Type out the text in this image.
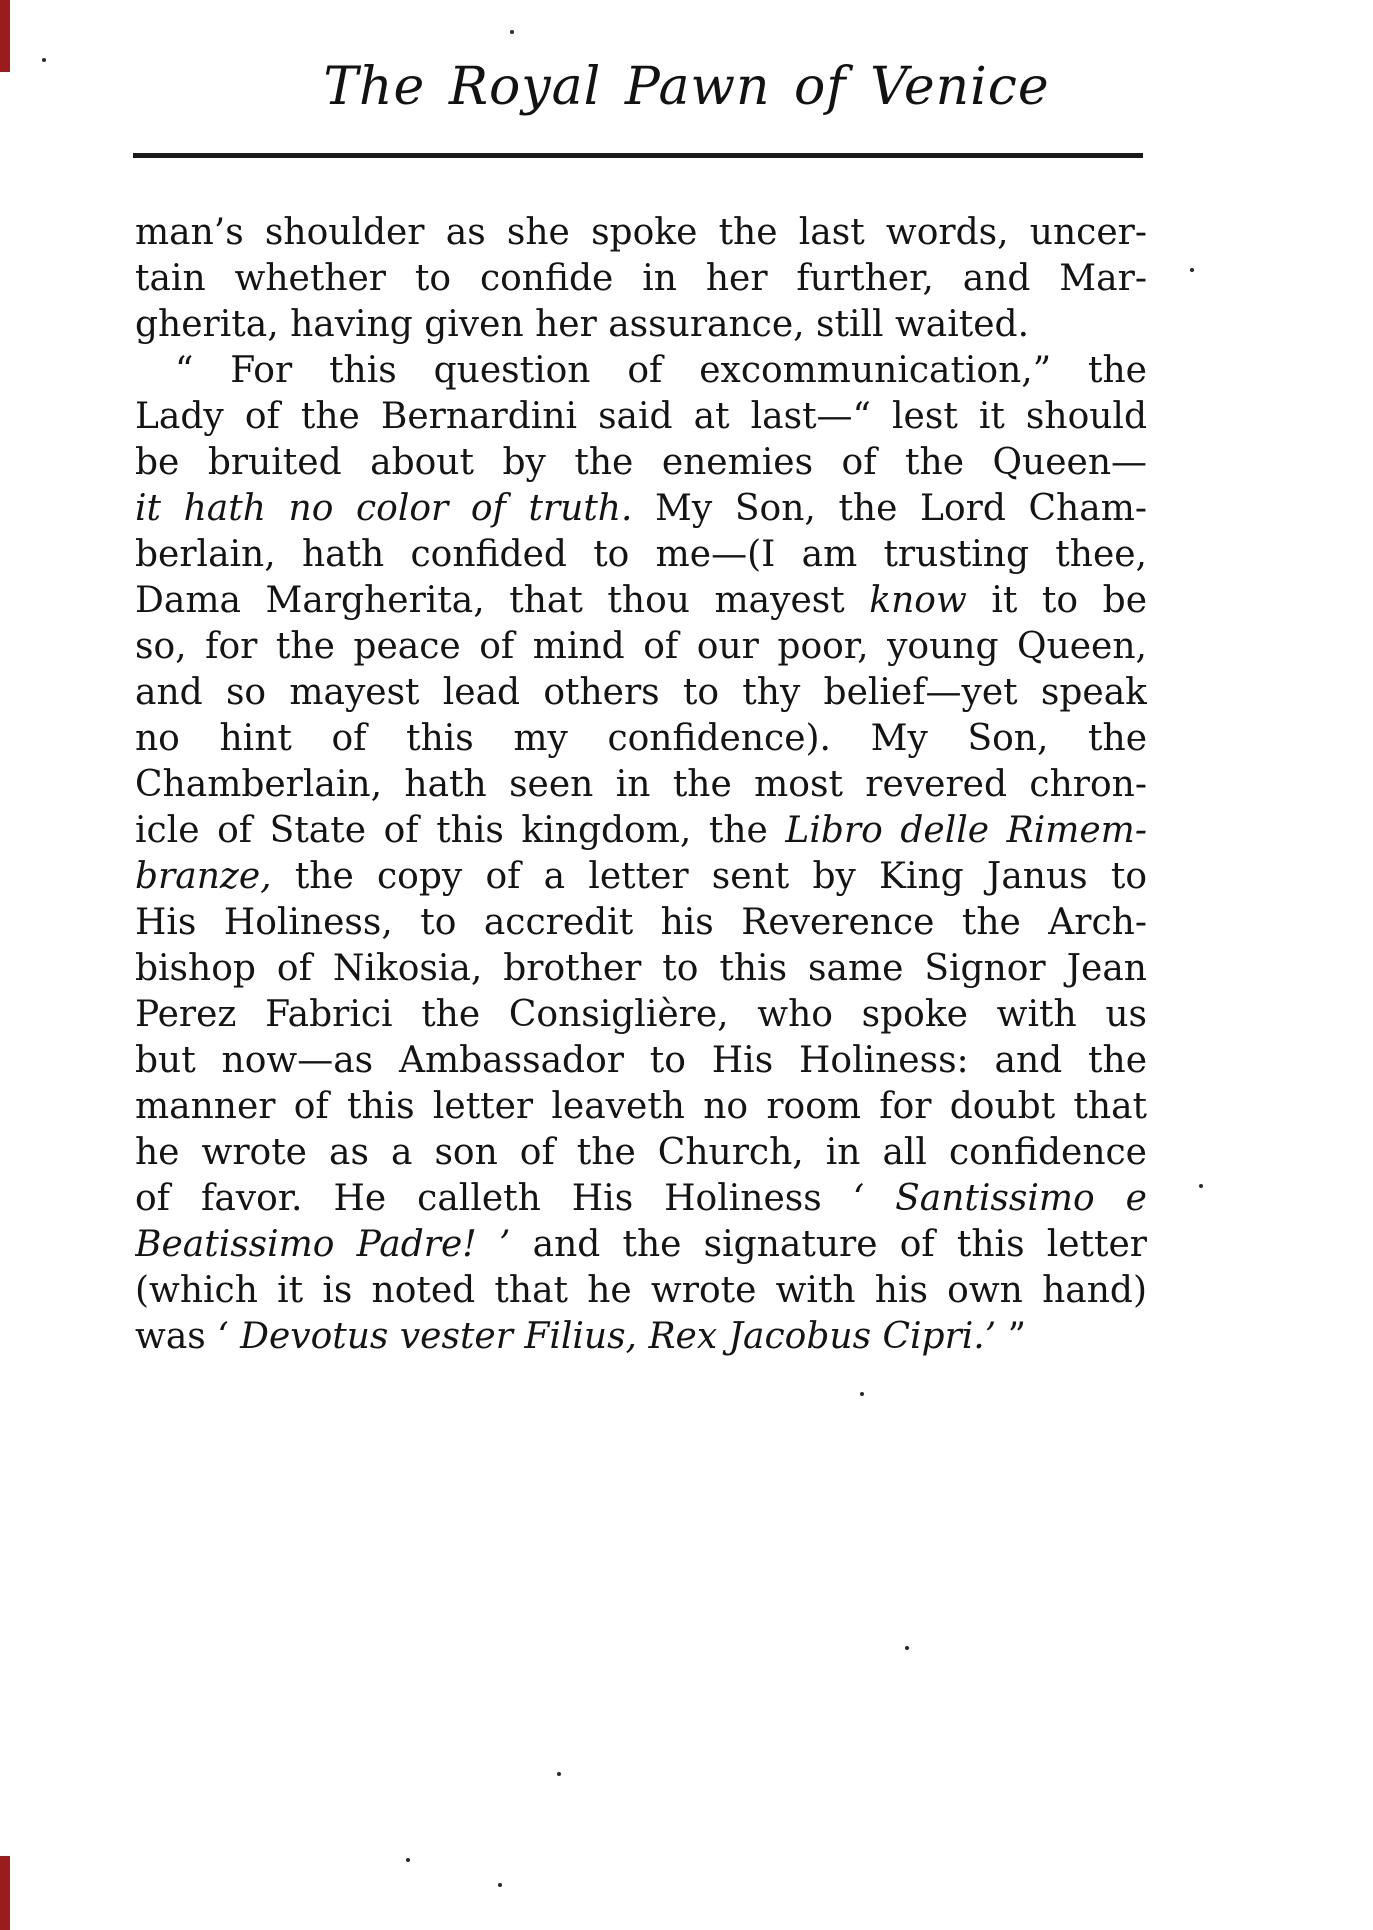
The Royal Pawn of Venice
man’s shoulder as she spoke the last words, uncer-
tain whether to confide in her further, and Mar-
gherita, having given her assurance, still waited.
“ For this question of excommunication,” the
Lady of the Bernardini said at last—“ lest it should
be bruited about by the enemies of the Queen—
it hath no color of truth. My Son, the Lord Cham-
berlain, hath confided to me—(I am trusting thee,
Dama Margherita, that thou mayest know it to be
so, for the peace of mind of our poor, young Queen,
and so mayest lead others to thy belief—yet speak
no hint of this my confidence). My Son, the
Chamberlain, hath seen in the most revered chron-
icle of State of this kingdom, the Libro delle Rimem-
branze, the copy of a letter sent by King Janus to
His Holiness, to accredit his Reverence the Arch-
bishop of Nikosia, brother to this same Signor Jean
Perez Fabrici the Consiglière, who spoke with us
but now—as Ambassador to His Holiness: and the
manner of this letter leaveth no room for doubt that
he wrote as a son of the Church, in all confidence
of favor. He calleth His Holiness ‘ Santissimo e
Beatissimo Padre! ’ and the signature of this letter
(which it is noted that he wrote with his own hand)
was ‘ Devotus vester Filius, Rex Jacobus Cipri.’ ”
